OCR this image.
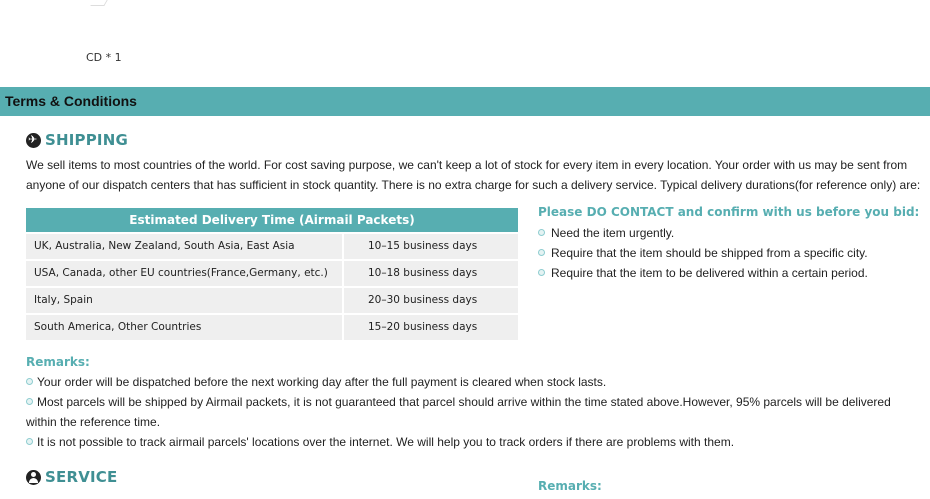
CD * 1
Terms & Conditions
✈ SHIPPING

We sell items to most countries of the world. For cost saving purpose, we can't keep a lot of stock for every item in every location. Your order with us may be sent from anyone of our dispatch centers that has sufficient in stock quantity. There is no extra charge for such a delivery service. Typical delivery durations(for reference only) are:

Estimated Delivery Time (Airmail Packets)
UK, Australia, New Zealand, South Asia, East Asia	10–15 business days
USA, Canada, other EU countries(France,Germany, etc.)	10–18 business days
Italy, Spain	20–30 business days
South America, Other Countries	15–20 business days
Please DO CONTACT and confirm with us before you bid:
Need the item urgently.
Require that the item should be shipped from a specific city.
Require that the item to be delivered within a certain period.
Remarks:
Your order will be dispatched before the next working day after the full payment is cleared when stock lasts.
Most parcels will be shipped by Airmail packets, it is not guaranteed that parcel should arrive within the time stated above.However, 95% parcels will be delivered within the reference time.
It is not possible to track airmail parcels' locations over the internet. We will help you to track orders if there are problems with them.
SERVICE	Remarks:
